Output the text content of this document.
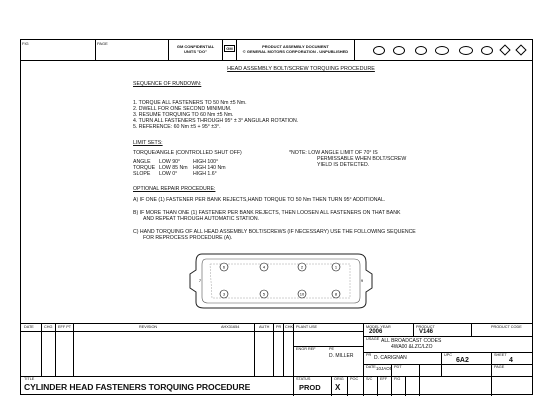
FIG	PAGE
GM CONFIDENTIAL
UNITS "DO"
GM	PRODUCT ASSEMBLY DOCUMENT
© GENERAL MOTORS CORPORATION - UNPUBLISHED
HEAD ASSEMBLY BOLT/SCREW TORQUING PROCEDURE
SEQUENCE OF RUNDOWN:
1. TORQUE ALL FASTENERS TO 50 Nm ±5 Nm.
2. DWELL FOR ONE SECOND MINIMUM.
3. RESUME TORQUING TO 60 Nm ±5 Nm.
4. TURN ALL FASTENERS THROUGH 95° ± 3° ANGULAR ROTATION.
5. REFERENCE: 60 Nm ±5 + 95° ±3°.
LIMIT SETS:
TORQUE/ANGLE (CONTROLLED SHUT OFF)
ANGLE LOW 90° HIGH 100°
TORQUE LOW 85 Nm HIGH 140 Nm
SLOPE LOW 0°	HIGH 1.6°
*NOTE: LOW ANGLE LIMIT OF 70° IS
PERMISSABLE WHEN BOLT/SCREW
YIELD IS DETECTED.
OPTIONAL REPAIR PROCEDURE:
A) IF ONE (1) FASTENER PER BANK REJECTS,HAND TORQUE TO 50 Nm THEN TURN 95° ADDITIONAL.
B) IF MORE THAN ONE (1) FASTENER PER BANK REJECTS, THEN LOOSEN ALL FASTENERS ON THAT BANK
AND REPEAT THROUGH AUTOMATIC STATION.
C) HAND TORQUING OF ALL HEAD ASSEMBLY BOLT/SCREWS (IF NECESSARY) USE THE FOLLOWING SEQUENCE
FOR REPROCESS PROCEDURE (A).
6	4	2	1
3	5	10	8
7	9
DATE	CHG EFF PT	REVISION	AHX31654	AUTH PR CHK PLANT USE	MODEL YEAR
2006
PRODUCT
V146
PRODUCT CODE
USAGE ALL BROADCAST CODES
4WA00 &LZC/LZO
ENGR REF	PE
D. MILLER	PR D. CARIGNAN	UPC
6A2
SHEET
4
DATE 10JAO5 PDT	PAGE
TITLE
CYLINDER HEAD FASTENERS TORQUING PROCEDURE
STATUS
PROD
ORIG
X
POC S/C EFF FIG
